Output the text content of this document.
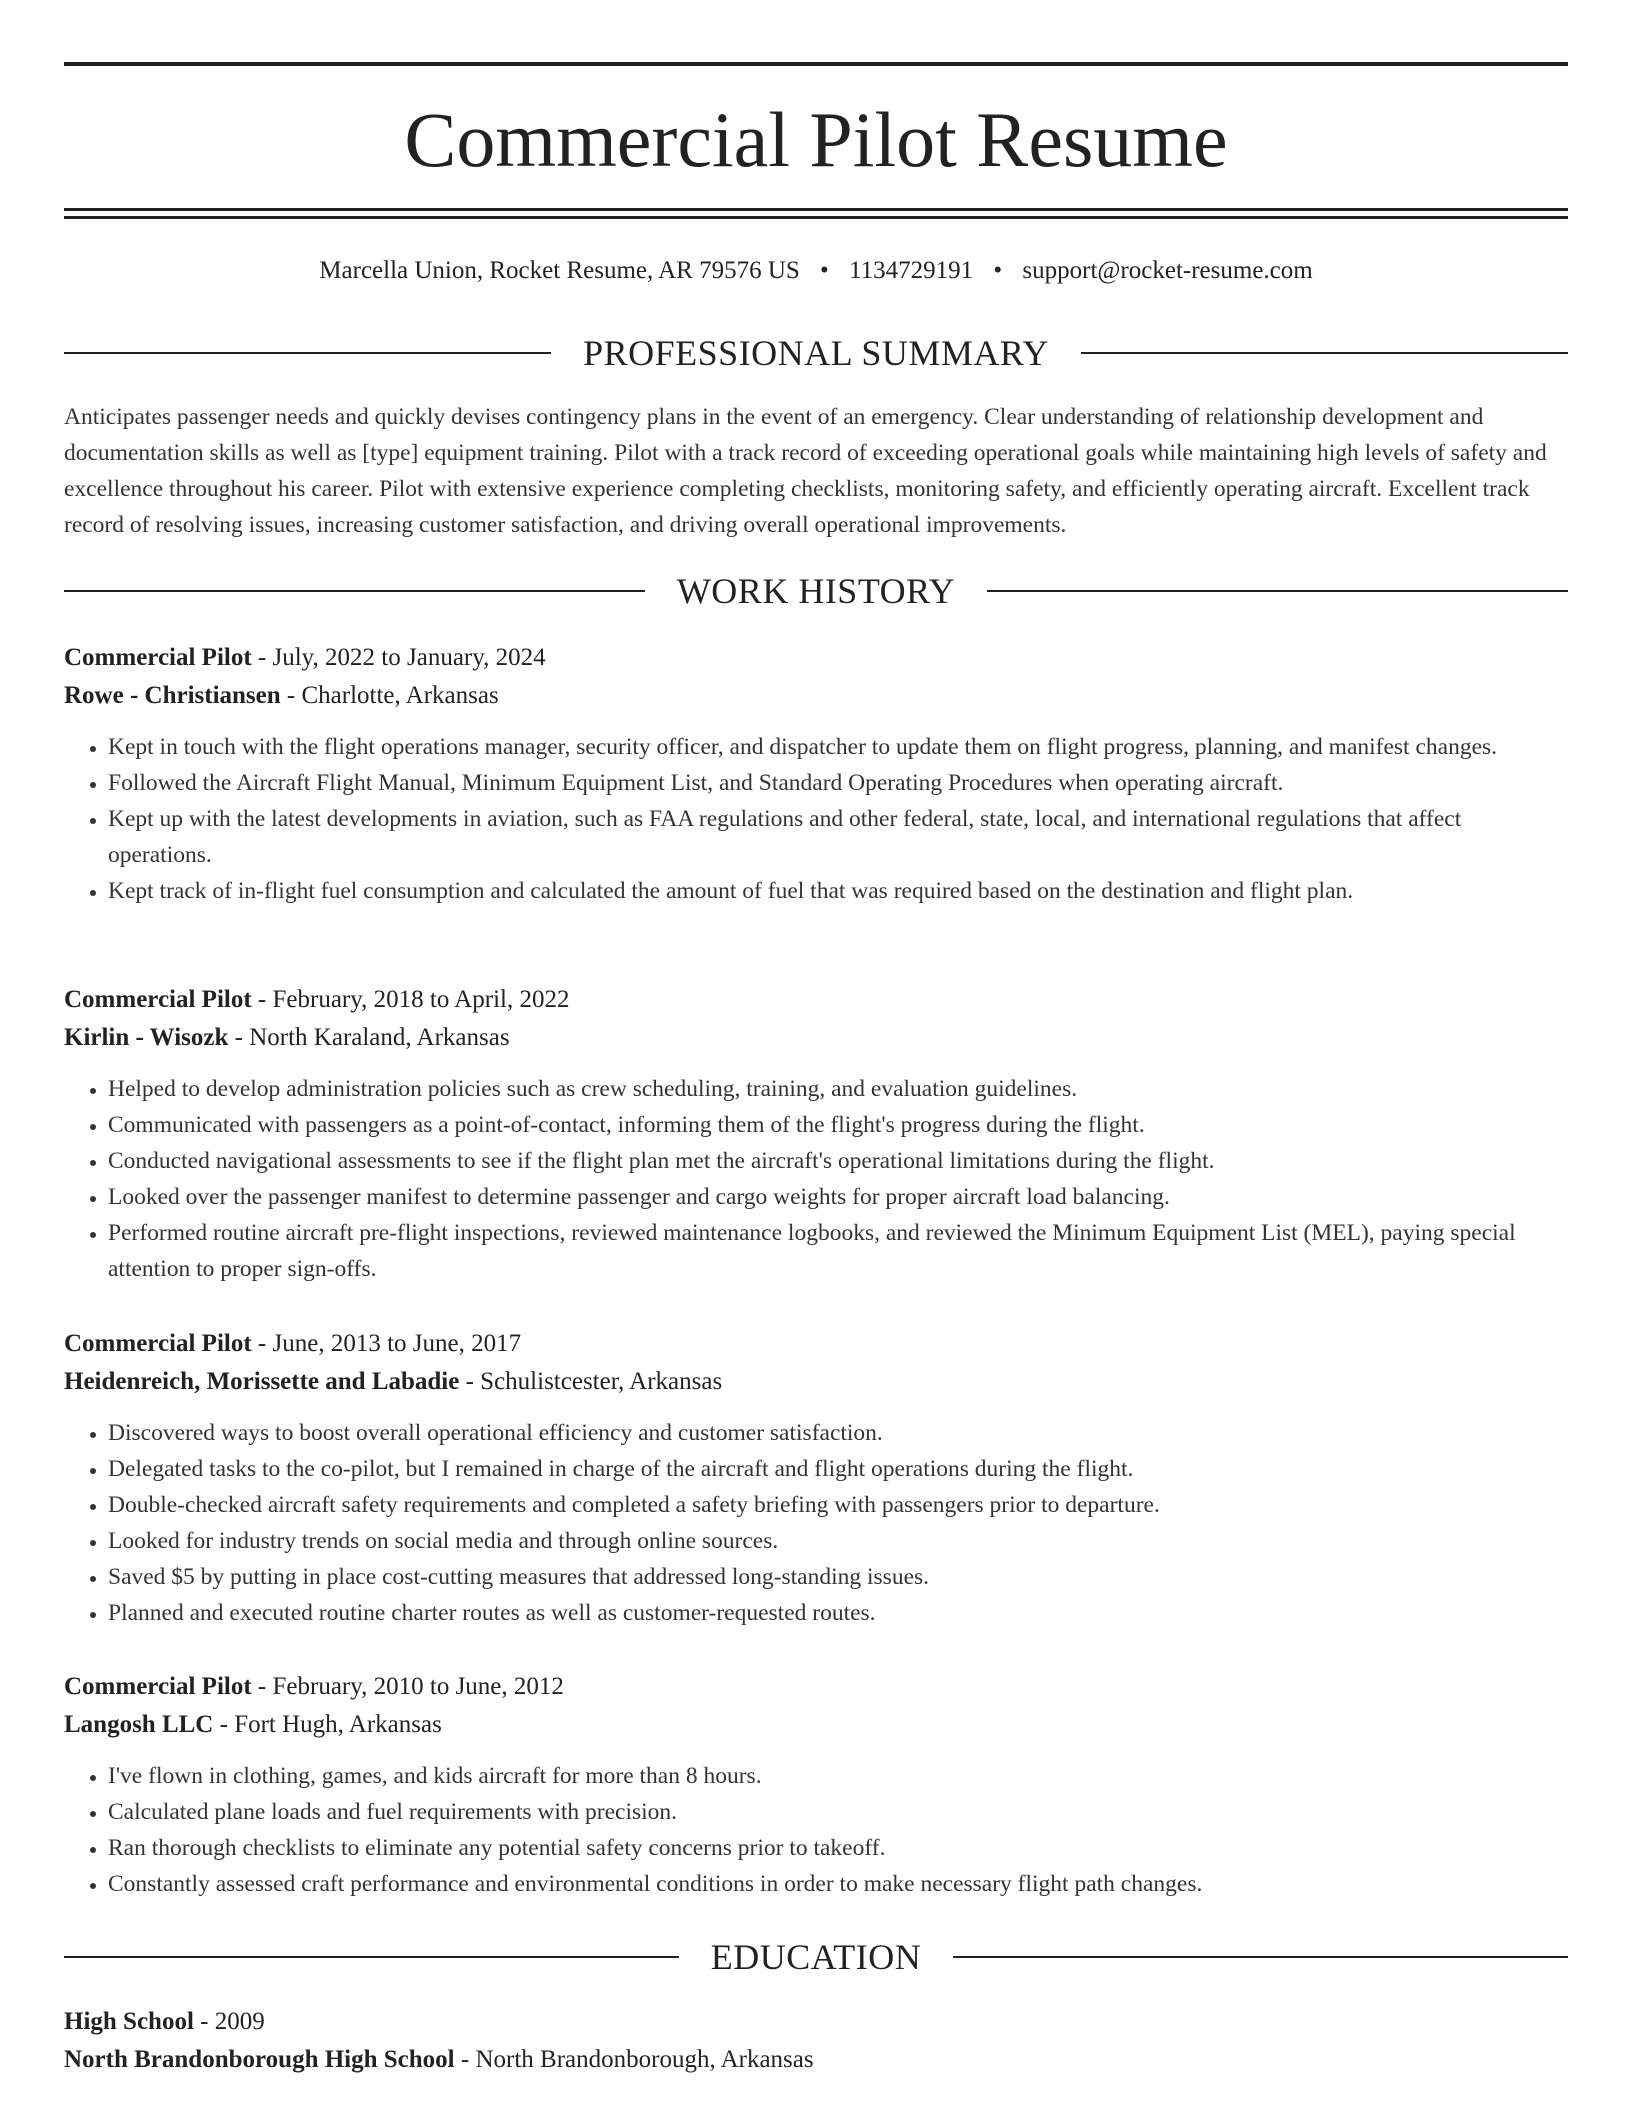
Commercial Pilot Resume
Marcella Union, Rocket Resume, AR 79576 US • 1134729191 • support@rocket-resume.com
PROFESSIONAL SUMMARY

Anticipates passenger needs and quickly devises contingency plans in the event of an emergency. Clear understanding of relationship development and documentation skills as well as [type] equipment training. Pilot with a track record of exceeding operational goals while maintaining high levels of safety and excellence throughout his career. Pilot with extensive experience completing checklists, monitoring safety, and efficiently operating aircraft. Excellent track record of resolving issues, increasing customer satisfaction, and driving overall operational improvements.

WORK HISTORY
Commercial Pilot - July, 2022 to January, 2024
Rowe - Christiansen - Charlotte, Arkansas
• Kept in touch with the flight operations manager, security officer, and dispatcher to update them on flight progress, planning, and manifest changes.
• Followed the Aircraft Flight Manual, Minimum Equipment List, and Standard Operating Procedures when operating aircraft.
• Kept up with the latest developments in aviation, such as FAA regulations and other federal, state, local, and international regulations that affect operations.
• Kept track of in-flight fuel consumption and calculated the amount of fuel that was required based on the destination and flight plan.
Commercial Pilot - February, 2018 to April, 2022
Kirlin - Wisozk - North Karaland, Arkansas
• Helped to develop administration policies such as crew scheduling, training, and evaluation guidelines.
• Communicated with passengers as a point-of-contact, informing them of the flight's progress during the flight.
• Conducted navigational assessments to see if the flight plan met the aircraft's operational limitations during the flight.
• Looked over the passenger manifest to determine passenger and cargo weights for proper aircraft load balancing.
• Performed routine aircraft pre-flight inspections, reviewed maintenance logbooks, and reviewed the Minimum Equipment List (MEL), paying special attention to proper sign-offs.
Commercial Pilot - June, 2013 to June, 2017
Heidenreich, Morissette and Labadie - Schulistcester, Arkansas
• Discovered ways to boost overall operational efficiency and customer satisfaction.
• Delegated tasks to the co-pilot, but I remained in charge of the aircraft and flight operations during the flight.
• Double-checked aircraft safety requirements and completed a safety briefing with passengers prior to departure.
• Looked for industry trends on social media and through online sources.
• Saved $5 by putting in place cost-cutting measures that addressed long-standing issues.
• Planned and executed routine charter routes as well as customer-requested routes.
Commercial Pilot - February, 2010 to June, 2012
Langosh LLC - Fort Hugh, Arkansas
• I've flown in clothing, games, and kids aircraft for more than 8 hours.
• Calculated plane loads and fuel requirements with precision.
• Ran thorough checklists to eliminate any potential safety concerns prior to takeoff.
• Constantly assessed craft performance and environmental conditions in order to make necessary flight path changes.
EDUCATION
High School - 2009
North Brandonborough High School - North Brandonborough, Arkansas
